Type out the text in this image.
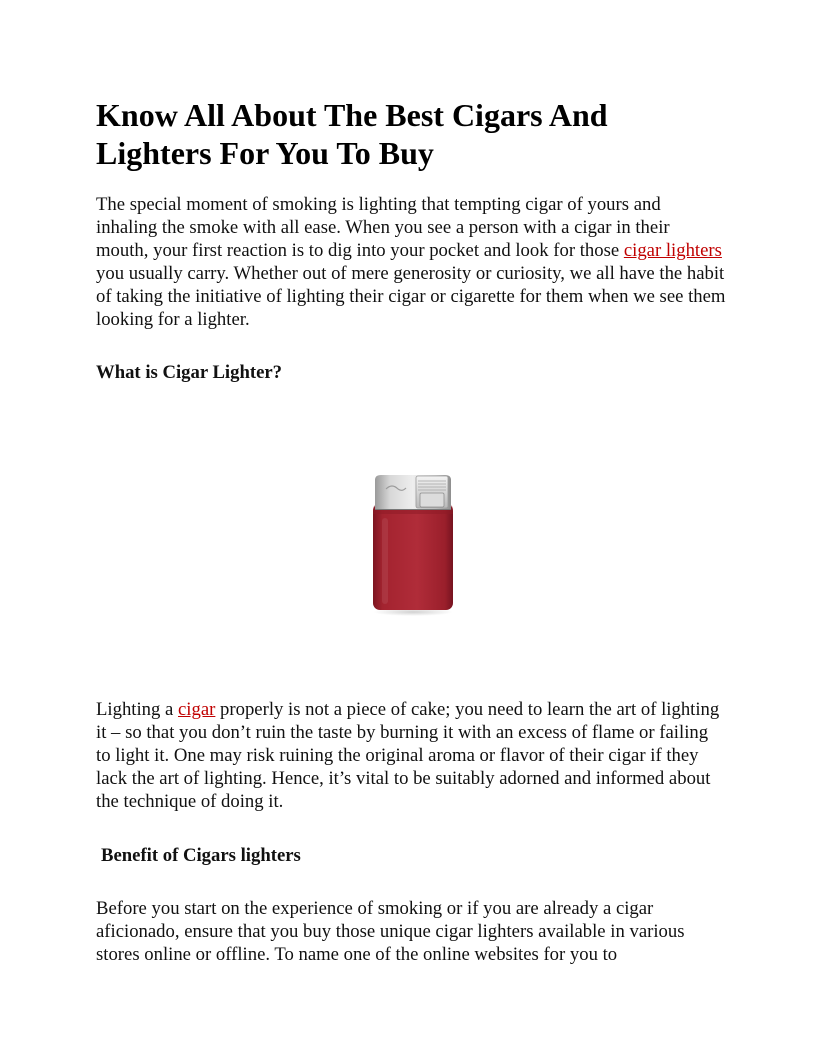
Know All About The Best Cigars And Lighters For You To Buy

The special moment of smoking is lighting that tempting cigar of yours and inhaling the smoke with all ease. When you see a person with a cigar in their mouth, your first reaction is to dig into your pocket and look for those cigar lighters you usually carry. Whether out of mere generosity or curiosity, we all have the habit of taking the initiative of lighting their cigar or cigarette for them when we see them looking for a lighter.

What is Cigar Lighter?

Lighting a cigar properly is not a piece of cake; you need to learn the art of lighting it – so that you don’t ruin the taste by burning it with an excess of flame or failing to light it. One may risk ruining the original aroma or flavor of their cigar if they lack the art of lighting. Hence, it’s vital to be suitably adorned and informed about the technique of doing it.

Benefit of Cigars lighters

Before you start on the experience of smoking or if you are already a cigar aficionado, ensure that you buy those unique cigar lighters available in various stores online or offline. To name one of the online websites for you to
